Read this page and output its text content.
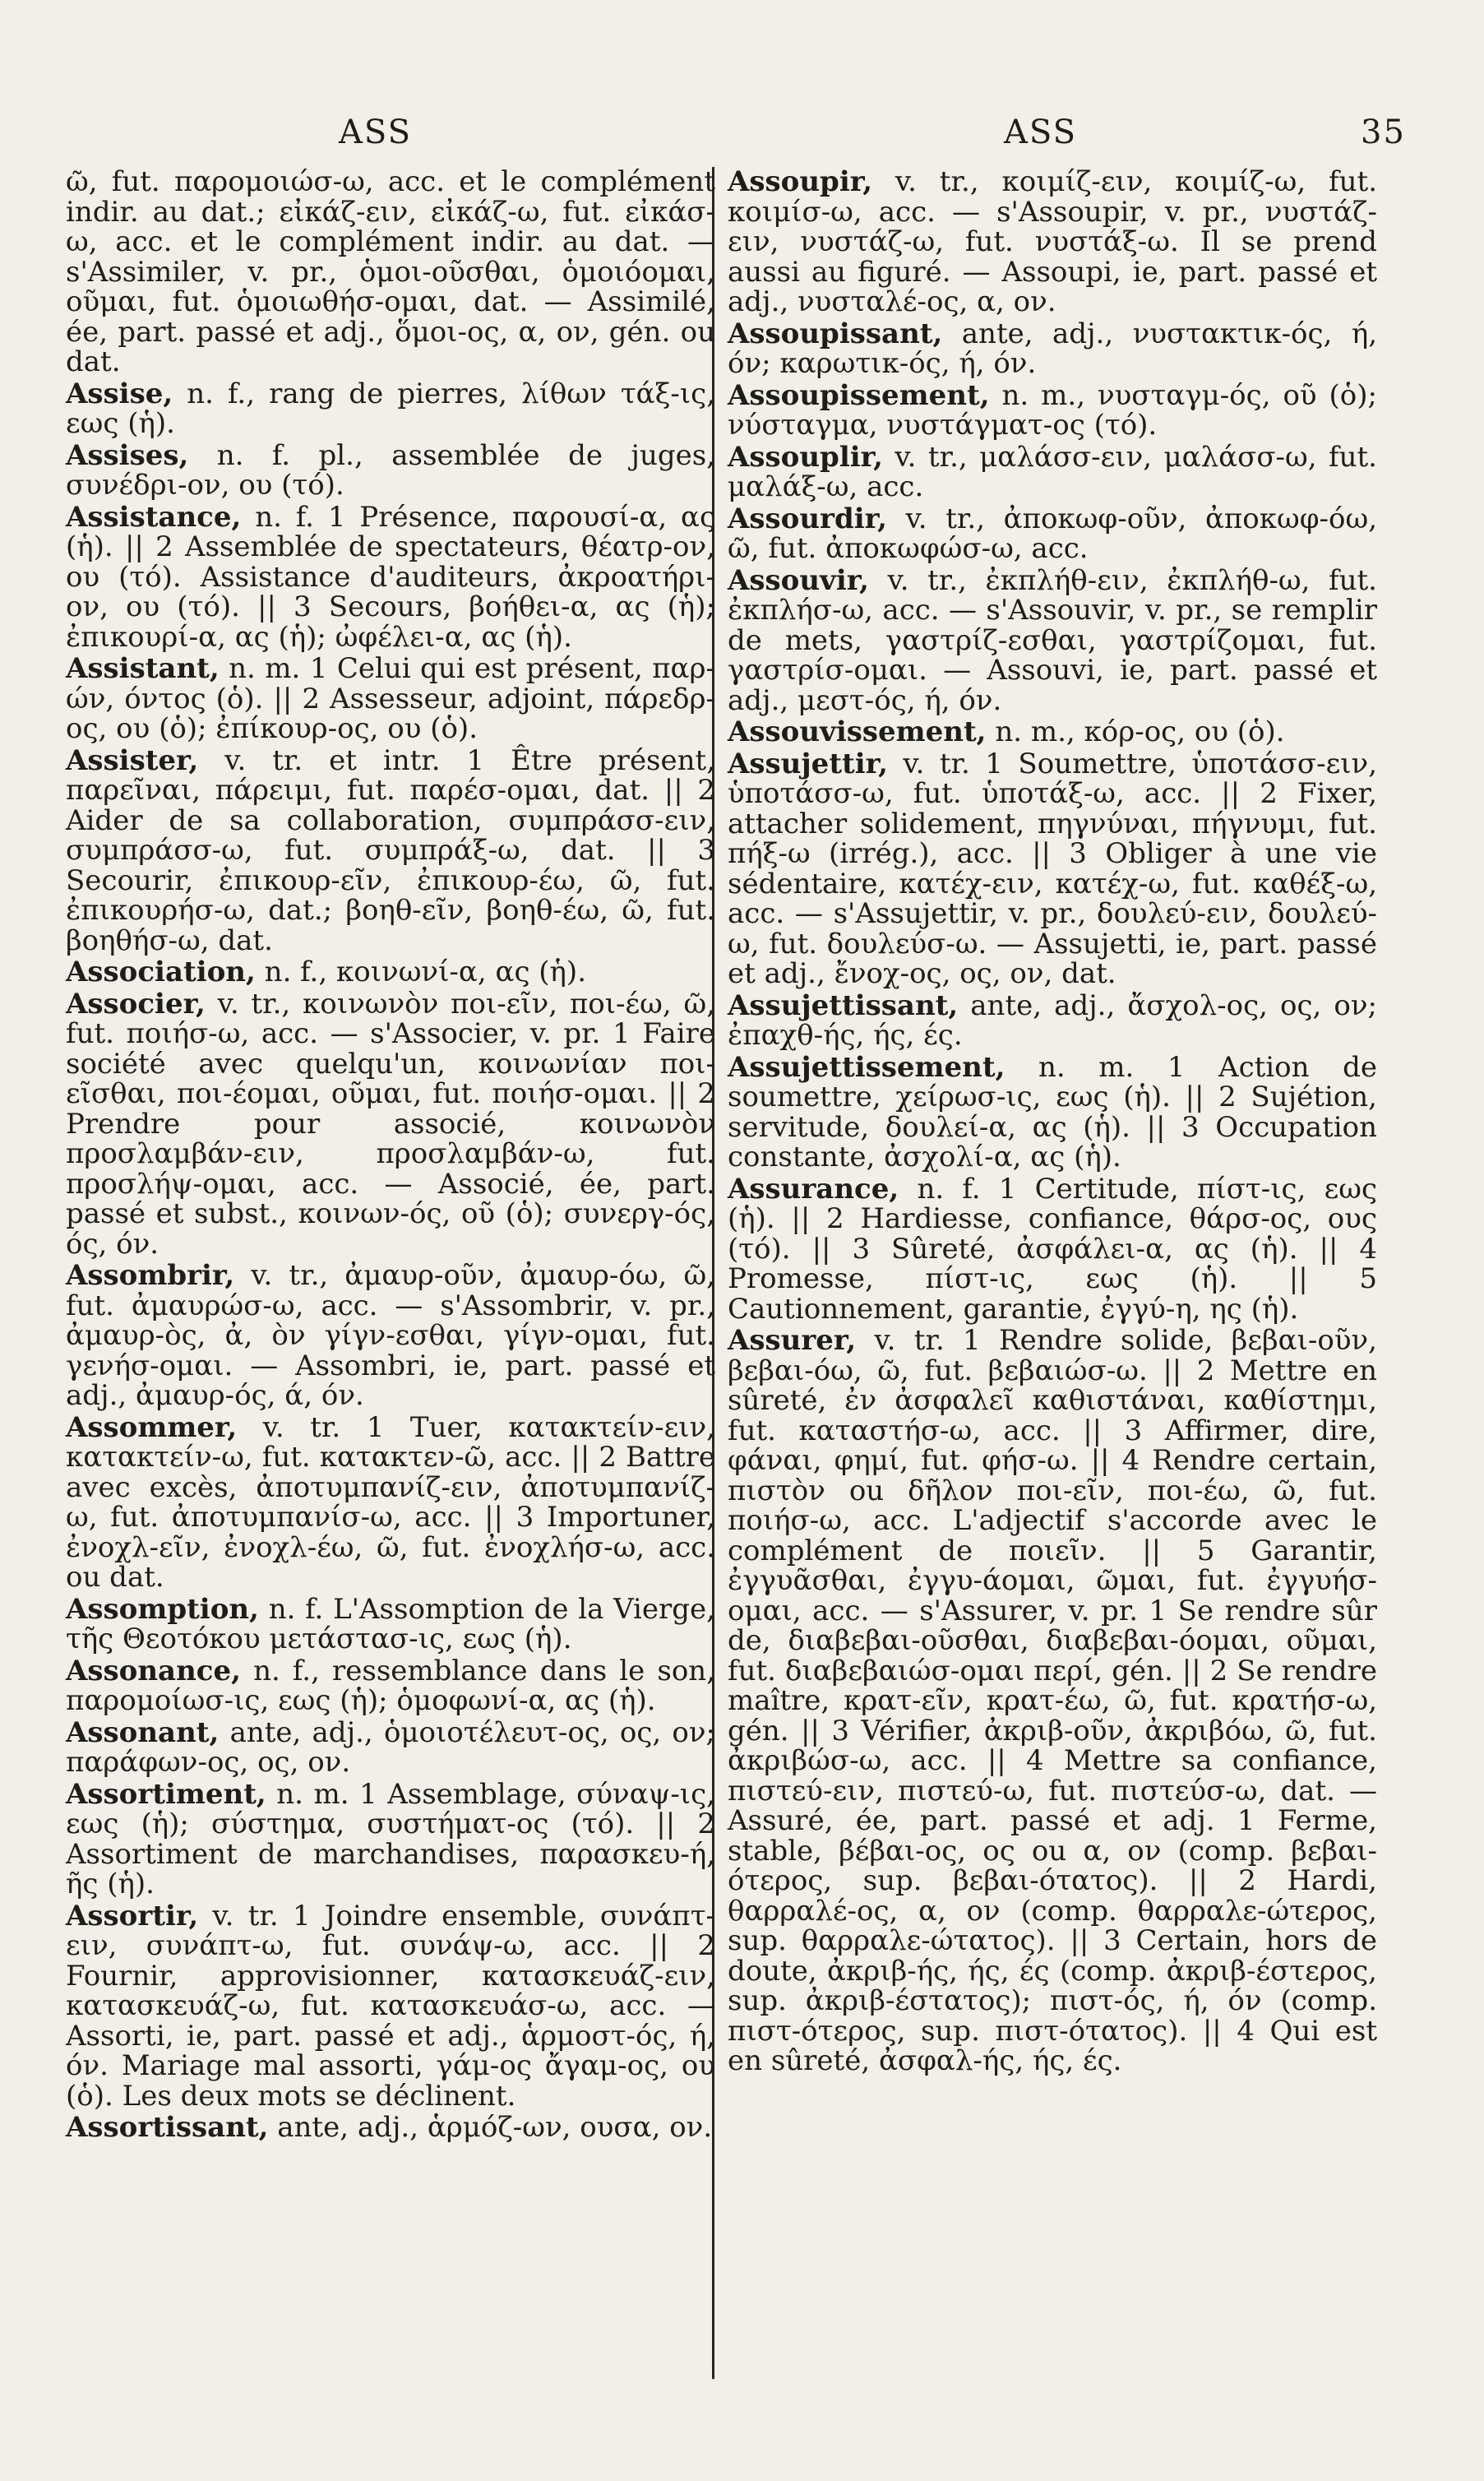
ASS	ASS	35

ῶ, fut. παρομοιώσ-ω, acc. et le complément indir. au dat.; εἰκάζ-ειν, εἰκάζ-ω, fut. εἰκάσ-ω, acc. et le complément indir. au dat. — s'Assimiler, v. pr., ὁμοι-οῦσθαι, ὁμοιόομαι, οῦμαι, fut. ὁμοιωθήσ-ομαι, dat. — Assimilé, ée, part. passé et adj., ὅμοι-ος, α, ον, gén. ou dat.

Assise, n. f., rang de pierres, λίθων τάξ-ις, εως (ἡ).

Assises, n. f. pl., assemblée de juges, συνέδρι-ον, ου (τό).

Assistance, n. f. 1 Présence, παρουσί-α, ας (ἡ). || 2 Assemblée de spectateurs, θέατρ-ον, ου (τό). Assistance d'auditeurs, ἀκροατήρι-ον, ου (τό). || 3 Secours, βοήθει-α, ας (ἡ); ἐπικουρί-α, ας (ἡ); ὠφέλει-α, ας (ἡ).

Assistant, n. m. 1 Celui qui est présent, παρ-ών, όντος (ὁ). || 2 Assesseur, adjoint, πάρεδρ-ος, ου (ὁ); ἐπίκουρ-ος, ου (ὁ).

Assister, v. tr. et intr. 1 Être présent, παρεῖναι, πάρειμι, fut. παρέσ-ομαι, dat. || 2 Aider de sa collaboration, συμπράσσ-ειν, συμπράσσ-ω, fut. συμπράξ-ω, dat. || 3 Secourir, ἐπικουρ-εῖν, ἐπικουρ-έω, ῶ, fut. ἐπικουρήσ-ω, dat.; βοηθ-εῖν, βοηθ-έω, ῶ, fut. βοηθήσ-ω, dat.

Association, n. f., κοινωνί-α, ας (ἡ).

Associer, v. tr., κοινωνὸν ποι-εῖν, ποι-έω, ῶ, fut. ποιήσ-ω, acc. — s'Associer, v. pr. 1 Faire société avec quelqu'un, κοινωνίαν ποι-εῖσθαι, ποι-έομαι, οῦμαι, fut. ποιήσ-ομαι. || 2 Prendre pour associé, κοινωνὸν προσλαμβάν-ειν, προσλαμβάν-ω, fut. προσλήψ-ομαι, acc. — Associé, ée, part. passé et subst., κοινων-ός, οῦ (ὁ); συνεργ-ός, ός, όν.

Assombrir, v. tr., ἀμαυρ-οῦν, ἀμαυρ-όω, ῶ, fut. ἀμαυρώσ-ω, acc. — s'Assombrir, v. pr., ἀμαυρ-ὸς, ἀ, ὸν γίγν-εσθαι, γίγν-ομαι, fut. γενήσ-ομαι. — Assombri, ie, part. passé et adj., ἀμαυρ-ός, ά, όν.

Assommer, v. tr. 1 Tuer, κατακτείν-ειν, κατακτείν-ω, fut. κατακτεν-ῶ, acc. || 2 Battre avec excès, ἀποτυμπανίζ-ειν, ἀποτυμπανίζ-ω, fut. ἀποτυμπανίσ-ω, acc. || 3 Importuner, ἐνοχλ-εῖν, ἐνοχλ-έω, ῶ, fut. ἐνοχλήσ-ω, acc. ou dat.

Assomption, n. f. L'Assomption de la Vierge, τῆς Θεοτόκου μετάστασ-ις, εως (ἡ).

Assonance, n. f., ressemblance dans le son, παρομοίωσ-ις, εως (ἡ); ὁμοφωνί-α, ας (ἡ).

Assonant, ante, adj., ὁμοιοτέλευτ-ος, ος, ον; παράφων-ος, ος, ον.

Assortiment, n. m. 1 Assemblage, σύναψ-ις, εως (ἡ); σύστημα, συστήματ-ος (τό). || 2 Assortiment de marchandises, παρασκευ-ή, ῆς (ἡ).

Assortir, v. tr. 1 Joindre ensemble, συνάπτ-ειν, συνάπτ-ω, fut. συνάψ-ω, acc. || 2 Fournir, approvisionner, κατασκευάζ-ειν, κατασκευάζ-ω, fut. κατασκευάσ-ω, acc. — Assorti, ie, part. passé et adj., ἁρμοστ-ός, ή, όν. Mariage mal assorti, γάμ-ος ἄγαμ-ος, ου (ὁ). Les deux mots se déclinent.

Assortissant, ante, adj., ἁρμόζ-ων, ουσα, ον.

Assoupir, v. tr., κοιμίζ-ειν, κοιμίζ-ω, fut. κοιμίσ-ω, acc. — s'Assoupir, v. pr., νυστάζ-ειν, νυστάζ-ω, fut. νυστάξ-ω. Il se prend aussi au figuré. — Assoupi, ie, part. passé et adj., νυσταλέ-ος, α, ον.

Assoupissant, ante, adj., νυστακτικ-ός, ή, όν; καρωτικ-ός, ή, όν.

Assoupissement, n. m., νυσταγμ-ός, οῦ (ὁ); νύσταγμα, νυστάγματ-ος (τό).

Assouplir, v. tr., μαλάσσ-ειν, μαλάσσ-ω, fut. μαλάξ-ω, acc.

Assourdir, v. tr., ἀποκωφ-οῦν, ἀποκωφ-όω, ῶ, fut. ἀποκωφώσ-ω, acc.

Assouvir, v. tr., ἐκπλήθ-ειν, ἐκπλήθ-ω, fut. ἐκπλήσ-ω, acc. — s'Assouvir, v. pr., se remplir de mets, γαστρίζ-εσθαι, γαστρίζομαι, fut. γαστρίσ-ομαι. — Assouvi, ie, part. passé et adj., μεστ-ός, ή, όν.

Assouvissement, n. m., κόρ-ος, ου (ὁ).

Assujettir, v. tr. 1 Soumettre, ὑποτάσσ-ειν, ὑποτάσσ-ω, fut. ὑποτάξ-ω, acc. || 2 Fixer, attacher solidement, πηγνύναι, πήγνυμι, fut. πήξ-ω (irrég.), acc. || 3 Obliger à une vie sédentaire, κατέχ-ειν, κατέχ-ω, fut. καθέξ-ω, acc. — s'Assujettir, v. pr., δουλεύ-ειν, δουλεύ-ω, fut. δουλεύσ-ω. — Assujetti, ie, part. passé et adj., ἔνοχ-ος, ος, ον, dat.

Assujettissant, ante, adj., ἄσχολ-ος, ος, ον; ἐπαχθ-ής, ής, ές.

Assujettissement, n. m. 1 Action de soumettre, χείρωσ-ις, εως (ἡ). || 2 Sujétion, servitude, δουλεί-α, ας (ἡ). || 3 Occupation constante, ἀσχολί-α, ας (ἡ).

Assurance, n. f. 1 Certitude, πίστ-ις, εως (ἡ). || 2 Hardiesse, confiance, θάρσ-ος, ους (τό). || 3 Sûreté, ἀσφάλει-α, ας (ἡ). || 4 Promesse, πίστ-ις, εως (ἡ). || 5 Cautionnement, garantie, ἐγγύ-η, ης (ἡ).

Assurer, v. tr. 1 Rendre solide, βεβαι-οῦν, βεβαι-όω, ῶ, fut. βεβαιώσ-ω. || 2 Mettre en sûreté, ἐν ἀσφαλεῖ καθιστάναι, καθίστημι, fut. καταστήσ-ω, acc. || 3 Affirmer, dire, φάναι, φημί, fut. φήσ-ω. || 4 Rendre certain, πιστὸν ou δῆλον ποι-εῖν, ποι-έω, ῶ, fut. ποιήσ-ω, acc. L'adjectif s'accorde avec le complément de ποιεῖν. || 5 Garantir, ἐγγυᾶσθαι, ἐγγυ-άομαι, ῶμαι, fut. ἐγγυήσ-ομαι, acc. — s'Assurer, v. pr. 1 Se rendre sûr de, διαβεβαι-οῦσθαι, διαβεβαι-όομαι, οῦμαι, fut. διαβεβαιώσ-ομαι περί, gén. || 2 Se rendre maître, κρατ-εῖν, κρατ-έω, ῶ, fut. κρατήσ-ω, gén. || 3 Vérifier, ἀκριβ-οῦν, ἀκριβόω, ῶ, fut. ἀκριβώσ-ω, acc. || 4 Mettre sa confiance, πιστεύ-ειν, πιστεύ-ω, fut. πιστεύσ-ω, dat. — Assuré, ée, part. passé et adj. 1 Ferme, stable, βέβαι-ος, ος ou α, ον (comp. βεβαι-ότερος, sup. βεβαι-ότατος). || 2 Hardi, θαρραλέ-ος, α, ον (comp. θαρραλε-ώτερος, sup. θαρραλε-ώτατος). || 3 Certain, hors de doute, ἀκριβ-ής, ής, ές (comp. ἀκριβ-έστερος, sup. ἀκριβ-έστατος); πιστ-ός, ή, όν (comp. πιστ-ότερος, sup. πιστ-ότατος). || 4 Qui est en sûreté, ἀσφαλ-ής, ής, ές.
